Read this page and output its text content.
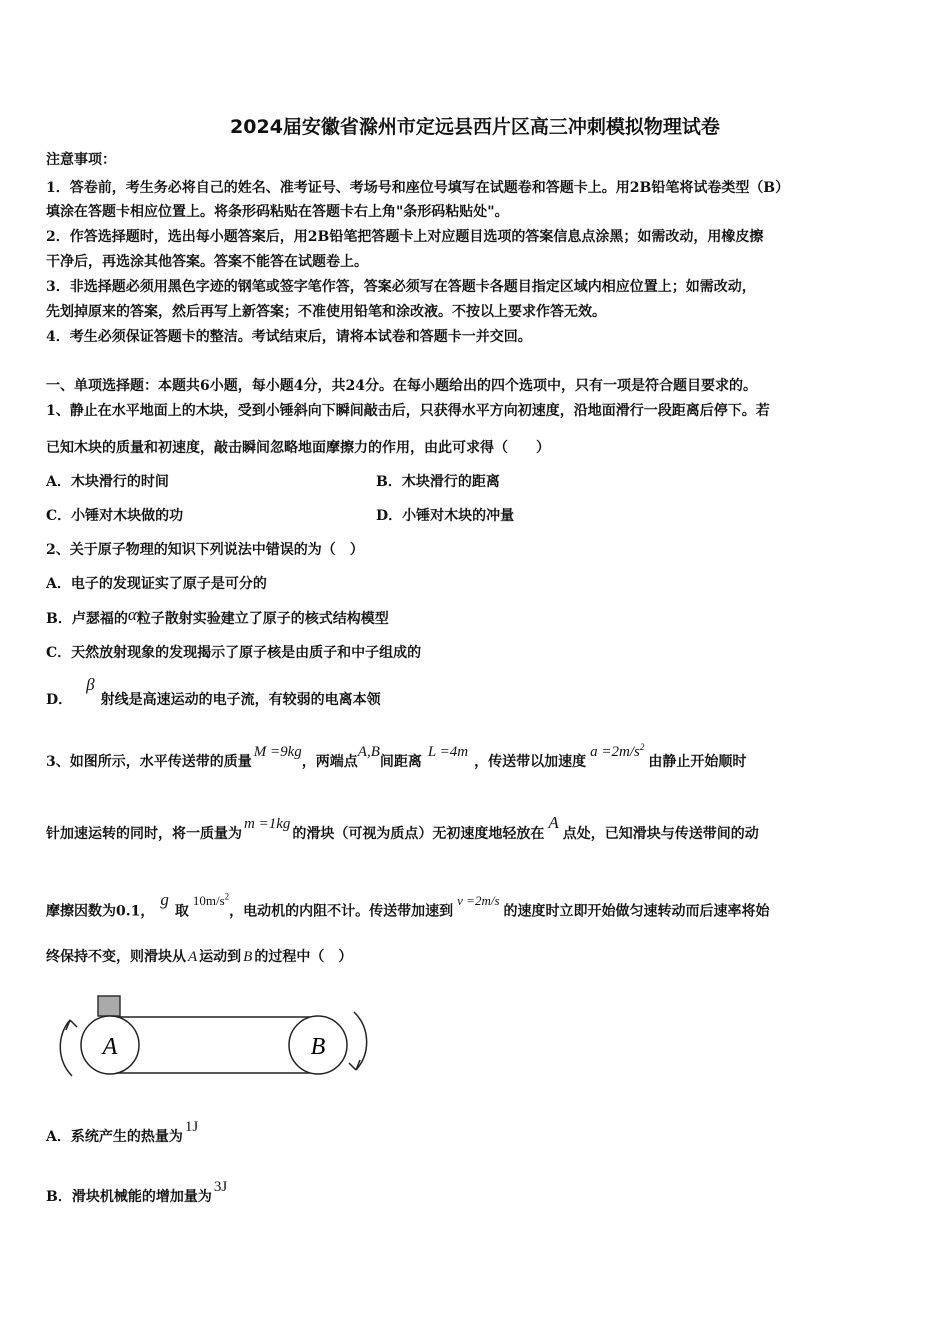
2024届安徽省滁州市定远县西片区高三冲刺模拟物理试卷
注意事项：
1．答卷前，考生务必将自己的姓名、准考证号、考场号和座位号填写在试题卷和答题卡上。用2B铅笔将试卷类型（B）
填涂在答题卡相应位置上。将条形码粘贴在答题卡右上角"条形码粘贴处"。
2．作答选择题时，选出每小题答案后，用2B铅笔把答题卡上对应题目选项的答案信息点涂黑；如需改动，用橡皮擦
干净后，再选涂其他答案。答案不能答在试题卷上。
3．非选择题必须用黑色字迹的钢笔或签字笔作答，答案必须写在答题卡各题目指定区域内相应位置上；如需改动，
先划掉原来的答案，然后再写上新答案；不准使用铅笔和涂改液。不按以上要求作答无效。
4．考生必须保证答题卡的整洁。考试结束后，请将本试卷和答题卡一并交回。
一、单项选择题：本题共6小题，每小题4分，共24分。在每小题给出的四个选项中，只有一项是符合题目要求的。
1、静止在水平地面上的木块，受到小锤斜向下瞬间敲击后，只获得水平方向初速度，沿地面滑行一段距离后停下。若
已知木块的质量和初速度，敲击瞬间忽略地面摩擦力的作用，由此可求得（　　）
A．木块滑行的时间	B．木块滑行的距离
C．小锤对木块做的功	D．小锤对木块的冲量
2、关于原子物理的知识下列说法中错误的为（　）
A．电子的发现证实了原子是可分的
B．卢瑟福的α粒子散射实验建立了原子的核式结构模型
C．天然放射现象的发现揭示了原子核是由质子和中子组成的
D．β射线是高速运动的电子流，有较弱的电离本领
3、如图所示，水平传送带的质量M =9kg，两端点A,B间距离L =4m，传送带以加速度$a =2m/s^2$由静止开始顺时
针加速运转的同时，将一质量为m =1kg的滑块（可视为质点）无初速度地轻放在A点处，已知滑块与传送带间的动
摩擦因数为0.1，g取$10m/s^2$，电动机的内阻不计。传送带加速到v =2m/s的速度时立即开始做匀速转动而后速率将始
终保持不变，则滑块从 A 运动到 B 的过程中（　）
A	B
A．系统产生的热量为1J
B．滑块机械能的增加量为3J
